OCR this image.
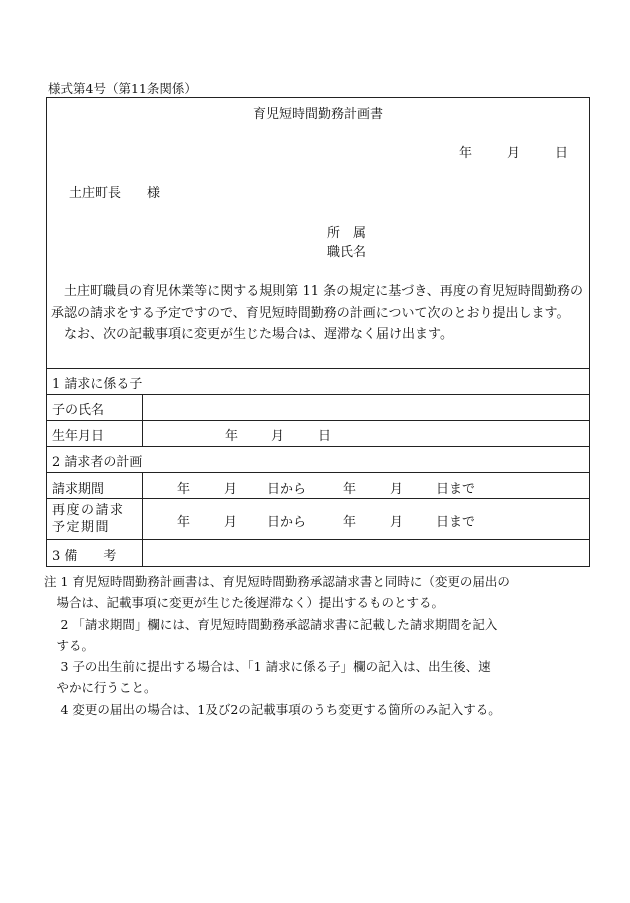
様式第4号（第11条関係）
育児短時間勤務計画書
年	月	日
土庄町長　　様
所　属
職氏名

土庄町職員の育児休業等に関する規則第 11 条の規定に基づき、再度の育児短時間勤務の承認の請求をする予定ですので、育児短時間勤務の計画について次のとおり提出します。

なお、次の記載事項に変更が生じた場合は、遅滞なく届け出ます。

1 請求に係る子
子の氏名
生年月日	年	月	日
2 請求者の計画
請求期間	年	月 日から	年	月	日まで
再度の請求
予定期間	年	月 日から	年	月	日まで
3 備　　考

注 1 育児短時間勤務計画書は、育児短時間勤務承認請求書と同時に（変更の届出の

　場合は、記載事項に変更が生じた後遅滞なく）提出するものとする。

　 2 「請求期間」欄には、育児短時間勤務承認請求書に記載した請求期間を記入

　する。

　 3 子の出生前に提出する場合は、「1 請求に係る子」欄の記入は、出生後、速

　やかに行うこと。

　 4 変更の届出の場合は、1及び2の記載事項のうち変更する箇所のみ記入する。
